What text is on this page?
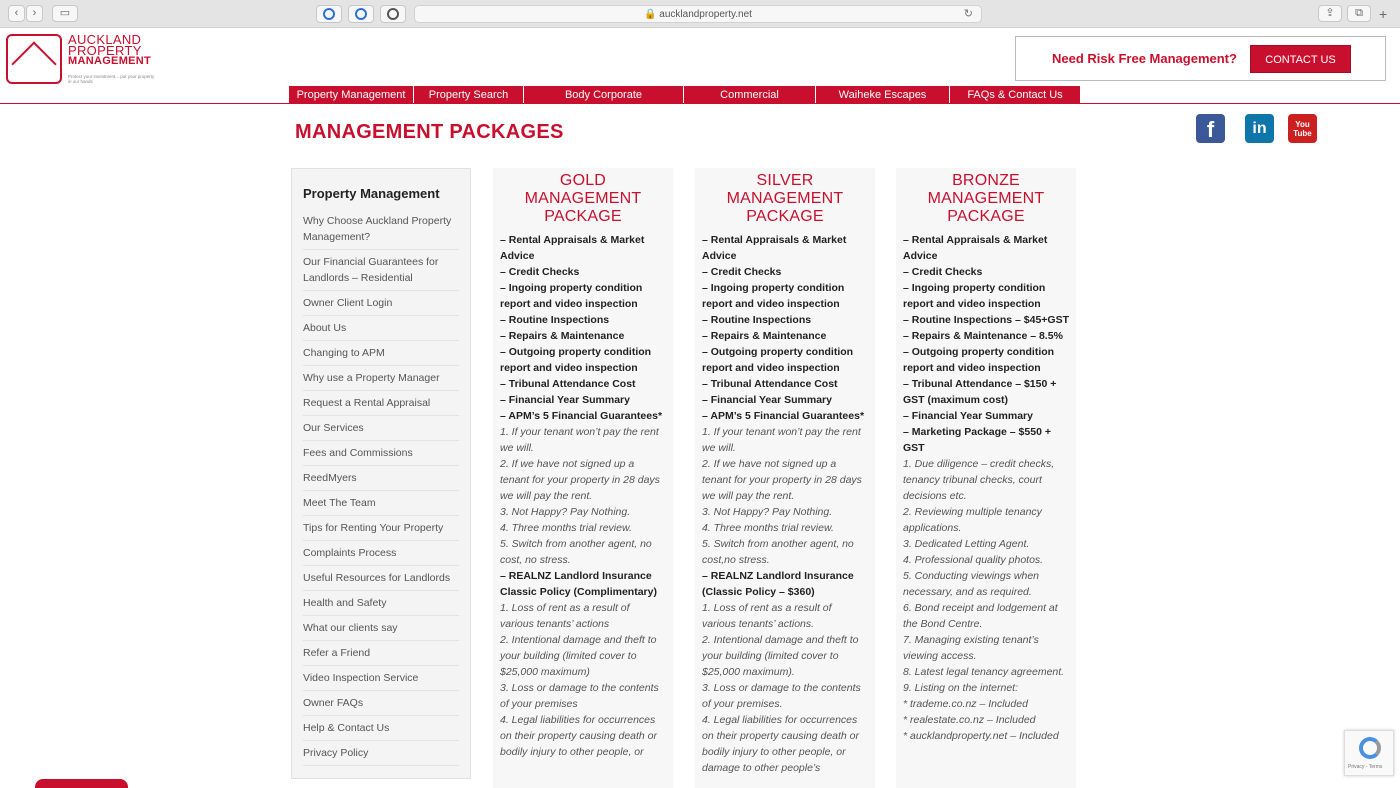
‹	›	▭	🔒 aucklandproperty.net	↻	⇪	⧉	+
AUCKLAND
PROPERTY
MANAGEMENT
Protect your investment... put your property in our hands
Need Risk Free Management?	CONTACT US
Property Management	Property Search	Body Corporate	Commercial	Waiheke Escapes	FAQs & Contact Us
MANAGEMENT PACKAGES	f	in	You
Tube
Property Management
Why Choose Auckland Property Management?
Our Financial Guarantees for Landlords – Residential
Owner Client Login
About Us
Changing to APM
Why use a Property Manager
Request a Rental Appraisal
Our Services
Fees and Commissions
ReedMyers
Meet The Team
Tips for Renting Your Property
Complaints Process
Useful Resources for Landlords
Health and Safety
What our clients say
Refer a Friend
Video Inspection Service
Owner FAQs
Help & Contact Us
Privacy Policy
GOLD
MANAGEMENT
PACKAGE
– Rental Appraisals & Market Advice
– Credit Checks
– Ingoing property condition report and video inspection
– Routine Inspections
– Repairs & Maintenance
– Outgoing property condition report and video inspection
– Tribunal Attendance Cost
– Financial Year Summary
– APM’s 5 Financial Guarantees*
1. If your tenant won’t pay the rent we will.
2. If we have not signed up a tenant for your property in 28 days we will pay the rent.
3. Not Happy? Pay Nothing.
4. Three months trial review.
5. Switch from another agent, no cost, no stress.
– REALNZ Landlord Insurance Classic Policy (Complimentary)
1. Loss of rent as a result of various tenants’ actions
2. Intentional damage and theft to your building (limited cover to $25,000 maximum)
3. Loss or damage to the contents of your premises
4. Legal liabilities for occurrences on their property causing death or bodily injury to other people, or
SILVER
MANAGEMENT
PACKAGE
– Rental Appraisals & Market Advice
– Credit Checks
– Ingoing property condition report and video inspection
– Routine Inspections
– Repairs & Maintenance
– Outgoing property condition report and video inspection
– Tribunal Attendance Cost
– Financial Year Summary
– APM’s 5 Financial Guarantees*
1. If your tenant won’t pay the rent we will.
2. If we have not signed up a tenant for your property in 28 days we will pay the rent.
3. Not Happy? Pay Nothing.
4. Three months trial review.
5. Switch from another agent, no cost,no stress.
– REALNZ Landlord Insurance (Classic Policy – $360)
1. Loss of rent as a result of various tenants’ actions.
2. Intentional damage and theft to your building (limited cover to $25,000 maximum).
3. Loss or damage to the contents of your premises.
4. Legal liabilities for occurrences on their property causing death or bodily injury to other people, or damage to other people’s
BRONZE
MANAGEMENT
PACKAGE
– Rental Appraisals & Market Advice
– Credit Checks
– Ingoing property condition report and video inspection
– Routine Inspections – $45+GST
– Repairs & Maintenance – 8.5%
– Outgoing property condition report and video inspection
– Tribunal Attendance – $150 + GST (maximum cost)
– Financial Year Summary
– Marketing Package – $550 + GST
1. Due diligence – credit checks, tenancy tribunal checks, court decisions etc.
2. Reviewing multiple tenancy applications.
3. Dedicated Letting Agent.
4. Professional quality photos.
5. Conducting viewings when necessary, and as required.
6. Bond receipt and lodgement at the Bond Centre.
7. Managing existing tenant’s viewing access.
8. Latest legal tenancy agreement.
9. Listing on the internet:
* trademe.co.nz – Included
* realestate.co.nz – Included
* aucklandproperty.net – Included
Privacy - Terms
